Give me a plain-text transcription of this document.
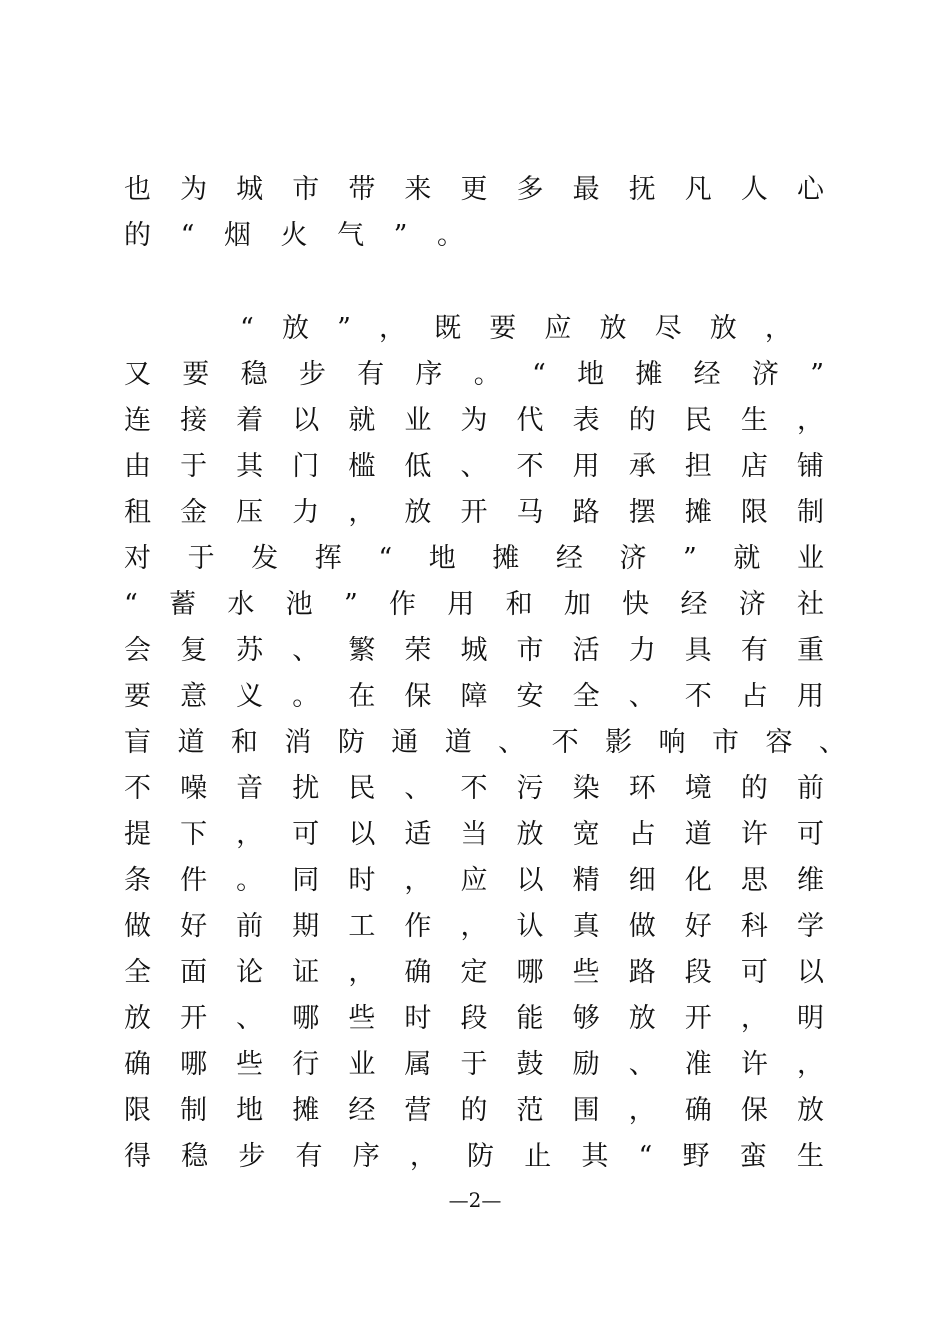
也 为 城 市 带 来 更 多 最 抚 凡 人 心
的 “ 烟 火 气 ” 。
“ 放 ” ， 既 要 应 放 尽 放 ，
又 要 稳 步 有 序 。 “ 地 摊 经 济 ”
连 接 着 以 就 业 为 代 表 的 民 生 ，
由 于 其 门 槛 低 、 不 用 承 担 店 铺
租 金 压 力 ， 放 开 马 路 摆 摊 限 制
对 于 发 挥 “ 地 摊 经 济 ” 就 业
“ 蓄 水 池 ” 作 用 和 加 快 经 济 社
会 复 苏 、 繁 荣 城 市 活 力 具 有 重
要 意 义 。 在 保 障 安 全 、 不 占 用
盲 道 和 消 防 通 道 、 不 影 响 市 容 、
不 噪 音 扰 民 、 不 污 染 环 境 的 前
提 下 ， 可 以 适 当 放 宽 占 道 许 可
条 件 。 同 时 ， 应 以 精 细 化 思 维
做 好 前 期 工 作 ， 认 真 做 好 科 学
全 面 论 证 ， 确 定 哪 些 路 段 可 以
放 开 、 哪 些 时 段 能 够 放 开 ， 明
确 哪 些 行 业 属 于 鼓 励 、 准 许 ，
限 制 地 摊 经 营 的 范 围 ， 确 保 放
得 稳 步 有 序 ， 防 止 其 “ 野 蛮 生
—2—
